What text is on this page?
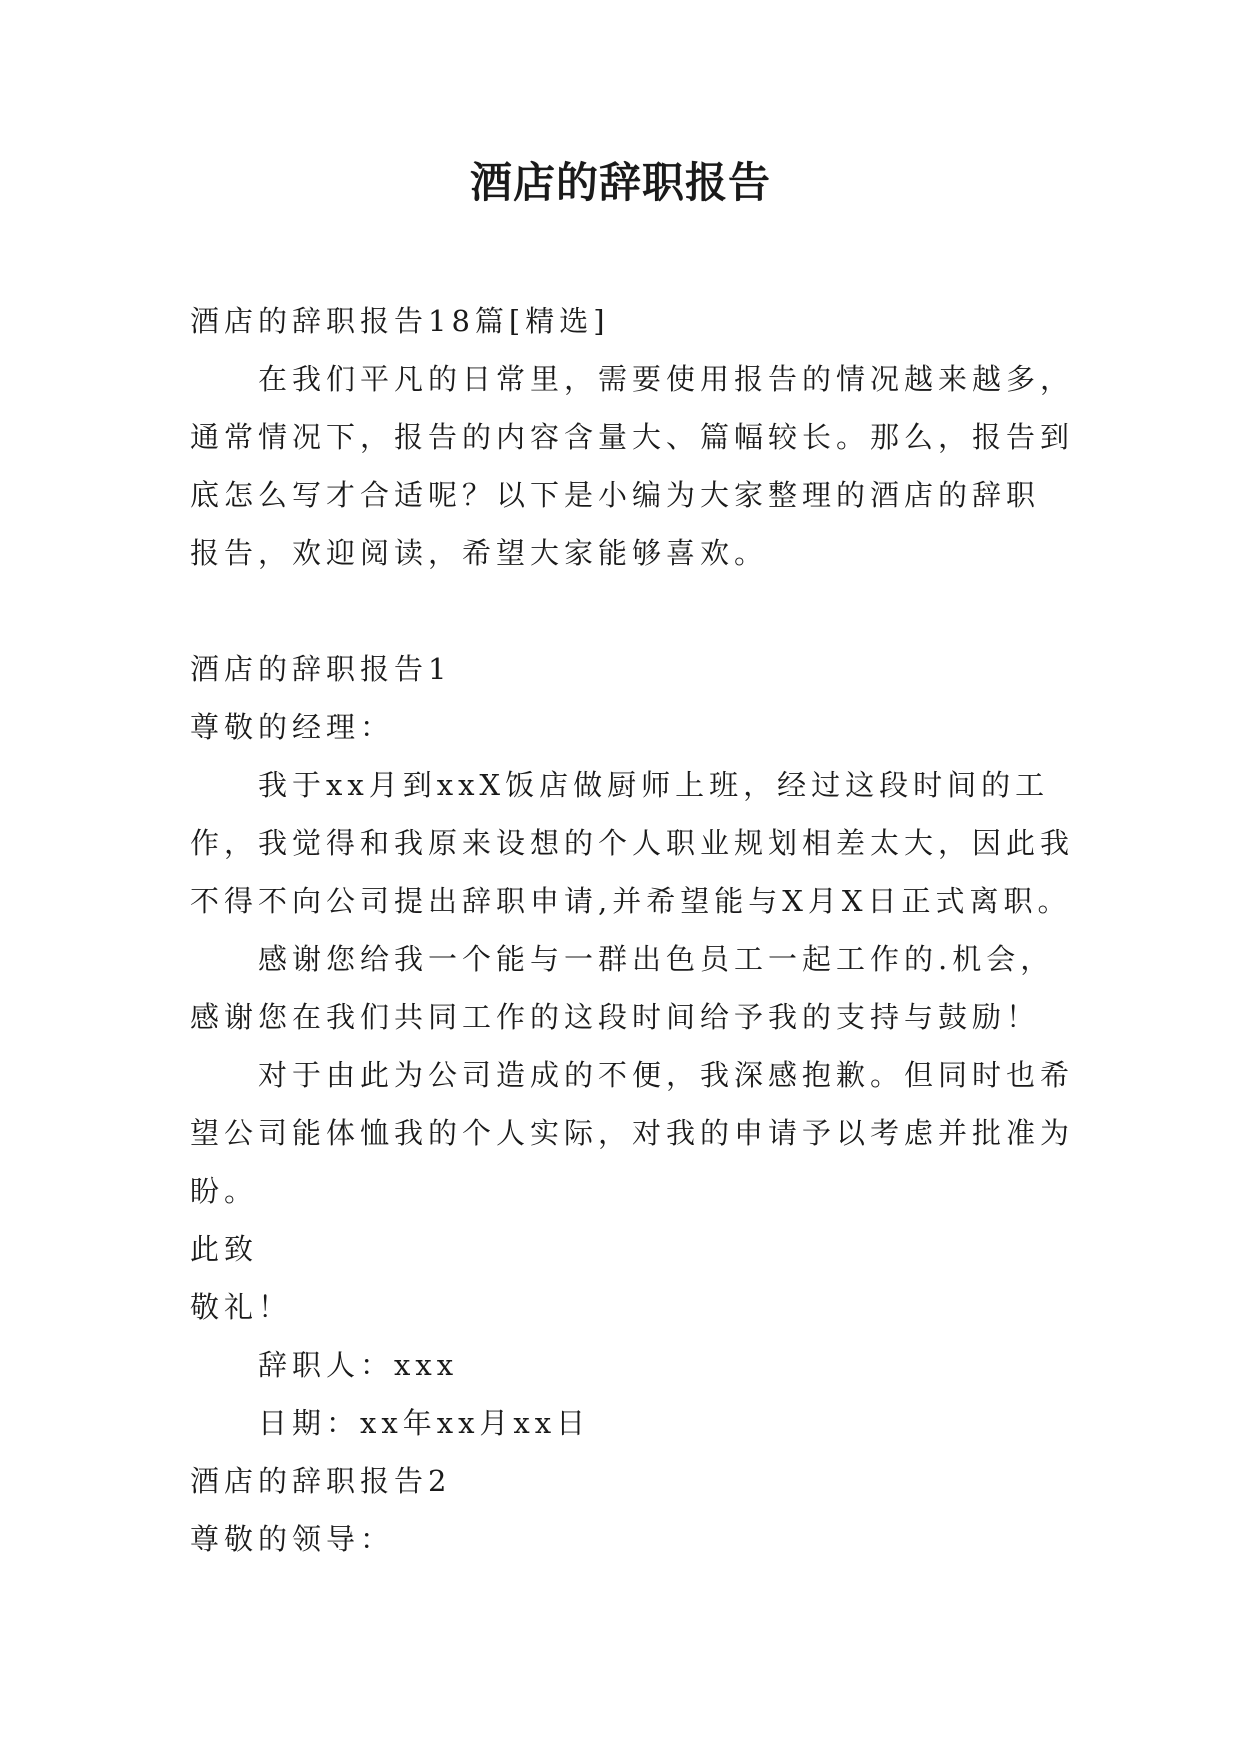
酒店的辞职报告
酒店的辞职报告18篇[精选]
在我们平凡的日常里，需要使用报告的情况越来越多，
通常情况下，报告的内容含量大、篇幅较长。那么，报告到
底怎么写才合适呢？以下是小编为大家整理的酒店的辞职
报告，欢迎阅读，希望大家能够喜欢。
酒店的辞职报告1
尊敬的经理：
我于xx月到xxX饭店做厨师上班，经过这段时间的工
作，我觉得和我原来设想的个人职业规划相差太大，因此我
不得不向公司提出辞职申请,并希望能与X月X日正式离职。
感谢您给我一个能与一群出色员工一起工作的.机会，
感谢您在我们共同工作的这段时间给予我的支持与鼓励！
对于由此为公司造成的不便，我深感抱歉。但同时也希
望公司能体恤我的个人实际，对我的申请予以考虑并批准为
盼。
此致
敬礼！
辞职人：xxx
日期：xx年xx月xx日
酒店的辞职报告2
尊敬的领导：
